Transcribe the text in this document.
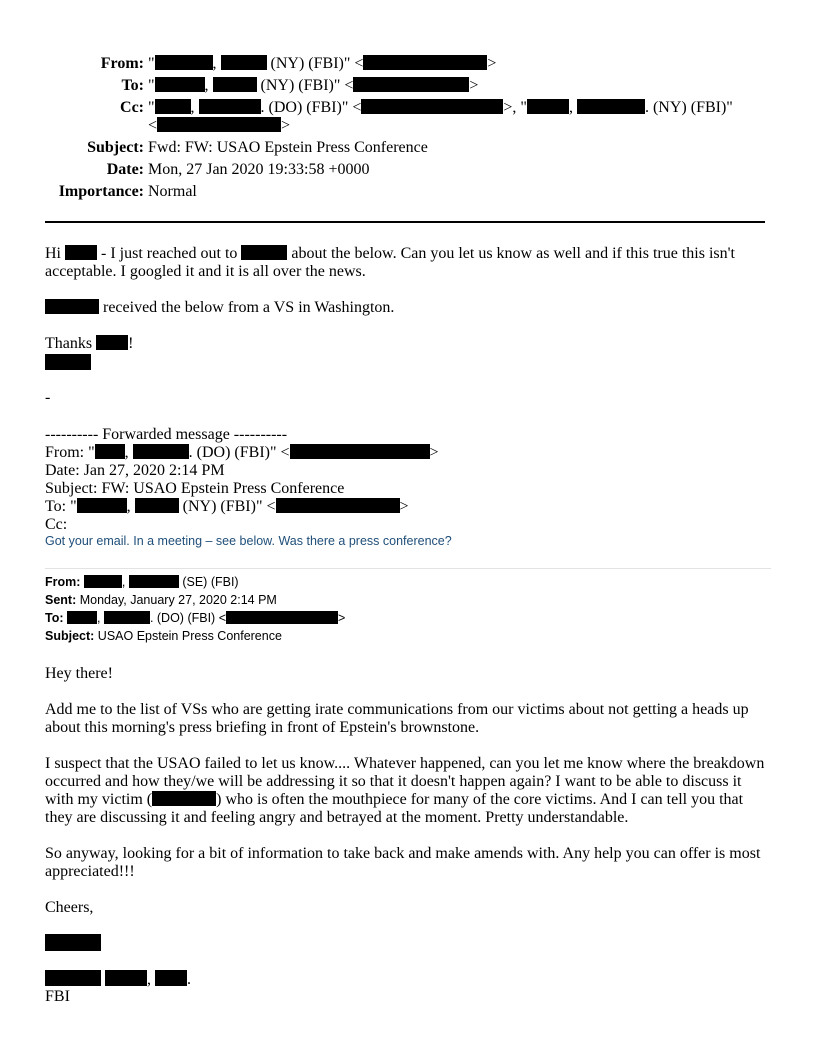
From: "	,	(NY) (FBI)" <	>
To: "	,	(NY) (FBI)" <	>
Cc: " ,	. (DO) (FBI)" <	>, "	,	. (NY) (FBI)"
<	>
Subject: Fwd: FW: USAO Epstein Press Conference
Date: Mon, 27 Jan 2020 19:33:58 +0000
Importance: Normal
Hi	- I just reached out to	about the below. Can you let us know as well and if this true this isn't
acceptable. I googled it and it is all over the news.
received the below from a VS in Washington.
Thanks !
-
---------- Forwarded message ----------
From: " ,	. (DO) (FBI)" <	>
Date: Jan 27, 2020 2:14 PM
Subject: FW: USAO Epstein Press Conference
To: "	,	(NY) (FBI)" <	>
Cc:
Got your email. In a meeting – see below. Was there a press conference?
From:	,	(SE) (FBI)
Sent: Monday, January 27, 2020 2:14 PM
To:	,	. (DO) (FBI) <	>
Subject: USAO Epstein Press Conference
Hey there!
Add me to the list of VSs who are getting irate communications from our victims about not getting a heads up
about this morning's press briefing in front of Epstein's brownstone.
I suspect that the USAO failed to let us know.... Whatever happened, can you let me know where the breakdown
occurred and how they/we will be addressing it so that it doesn't happen again? I want to be able to discuss it
with my victim (	) who is often the mouthpiece for many of the core victims. And I can tell you that
they are discussing it and feeling angry and betrayed at the moment. Pretty understandable.
So anyway, looking for a bit of information to take back and make amends with. Any help you can offer is most
appreciated!!!
Cheers,
, .
FBI
